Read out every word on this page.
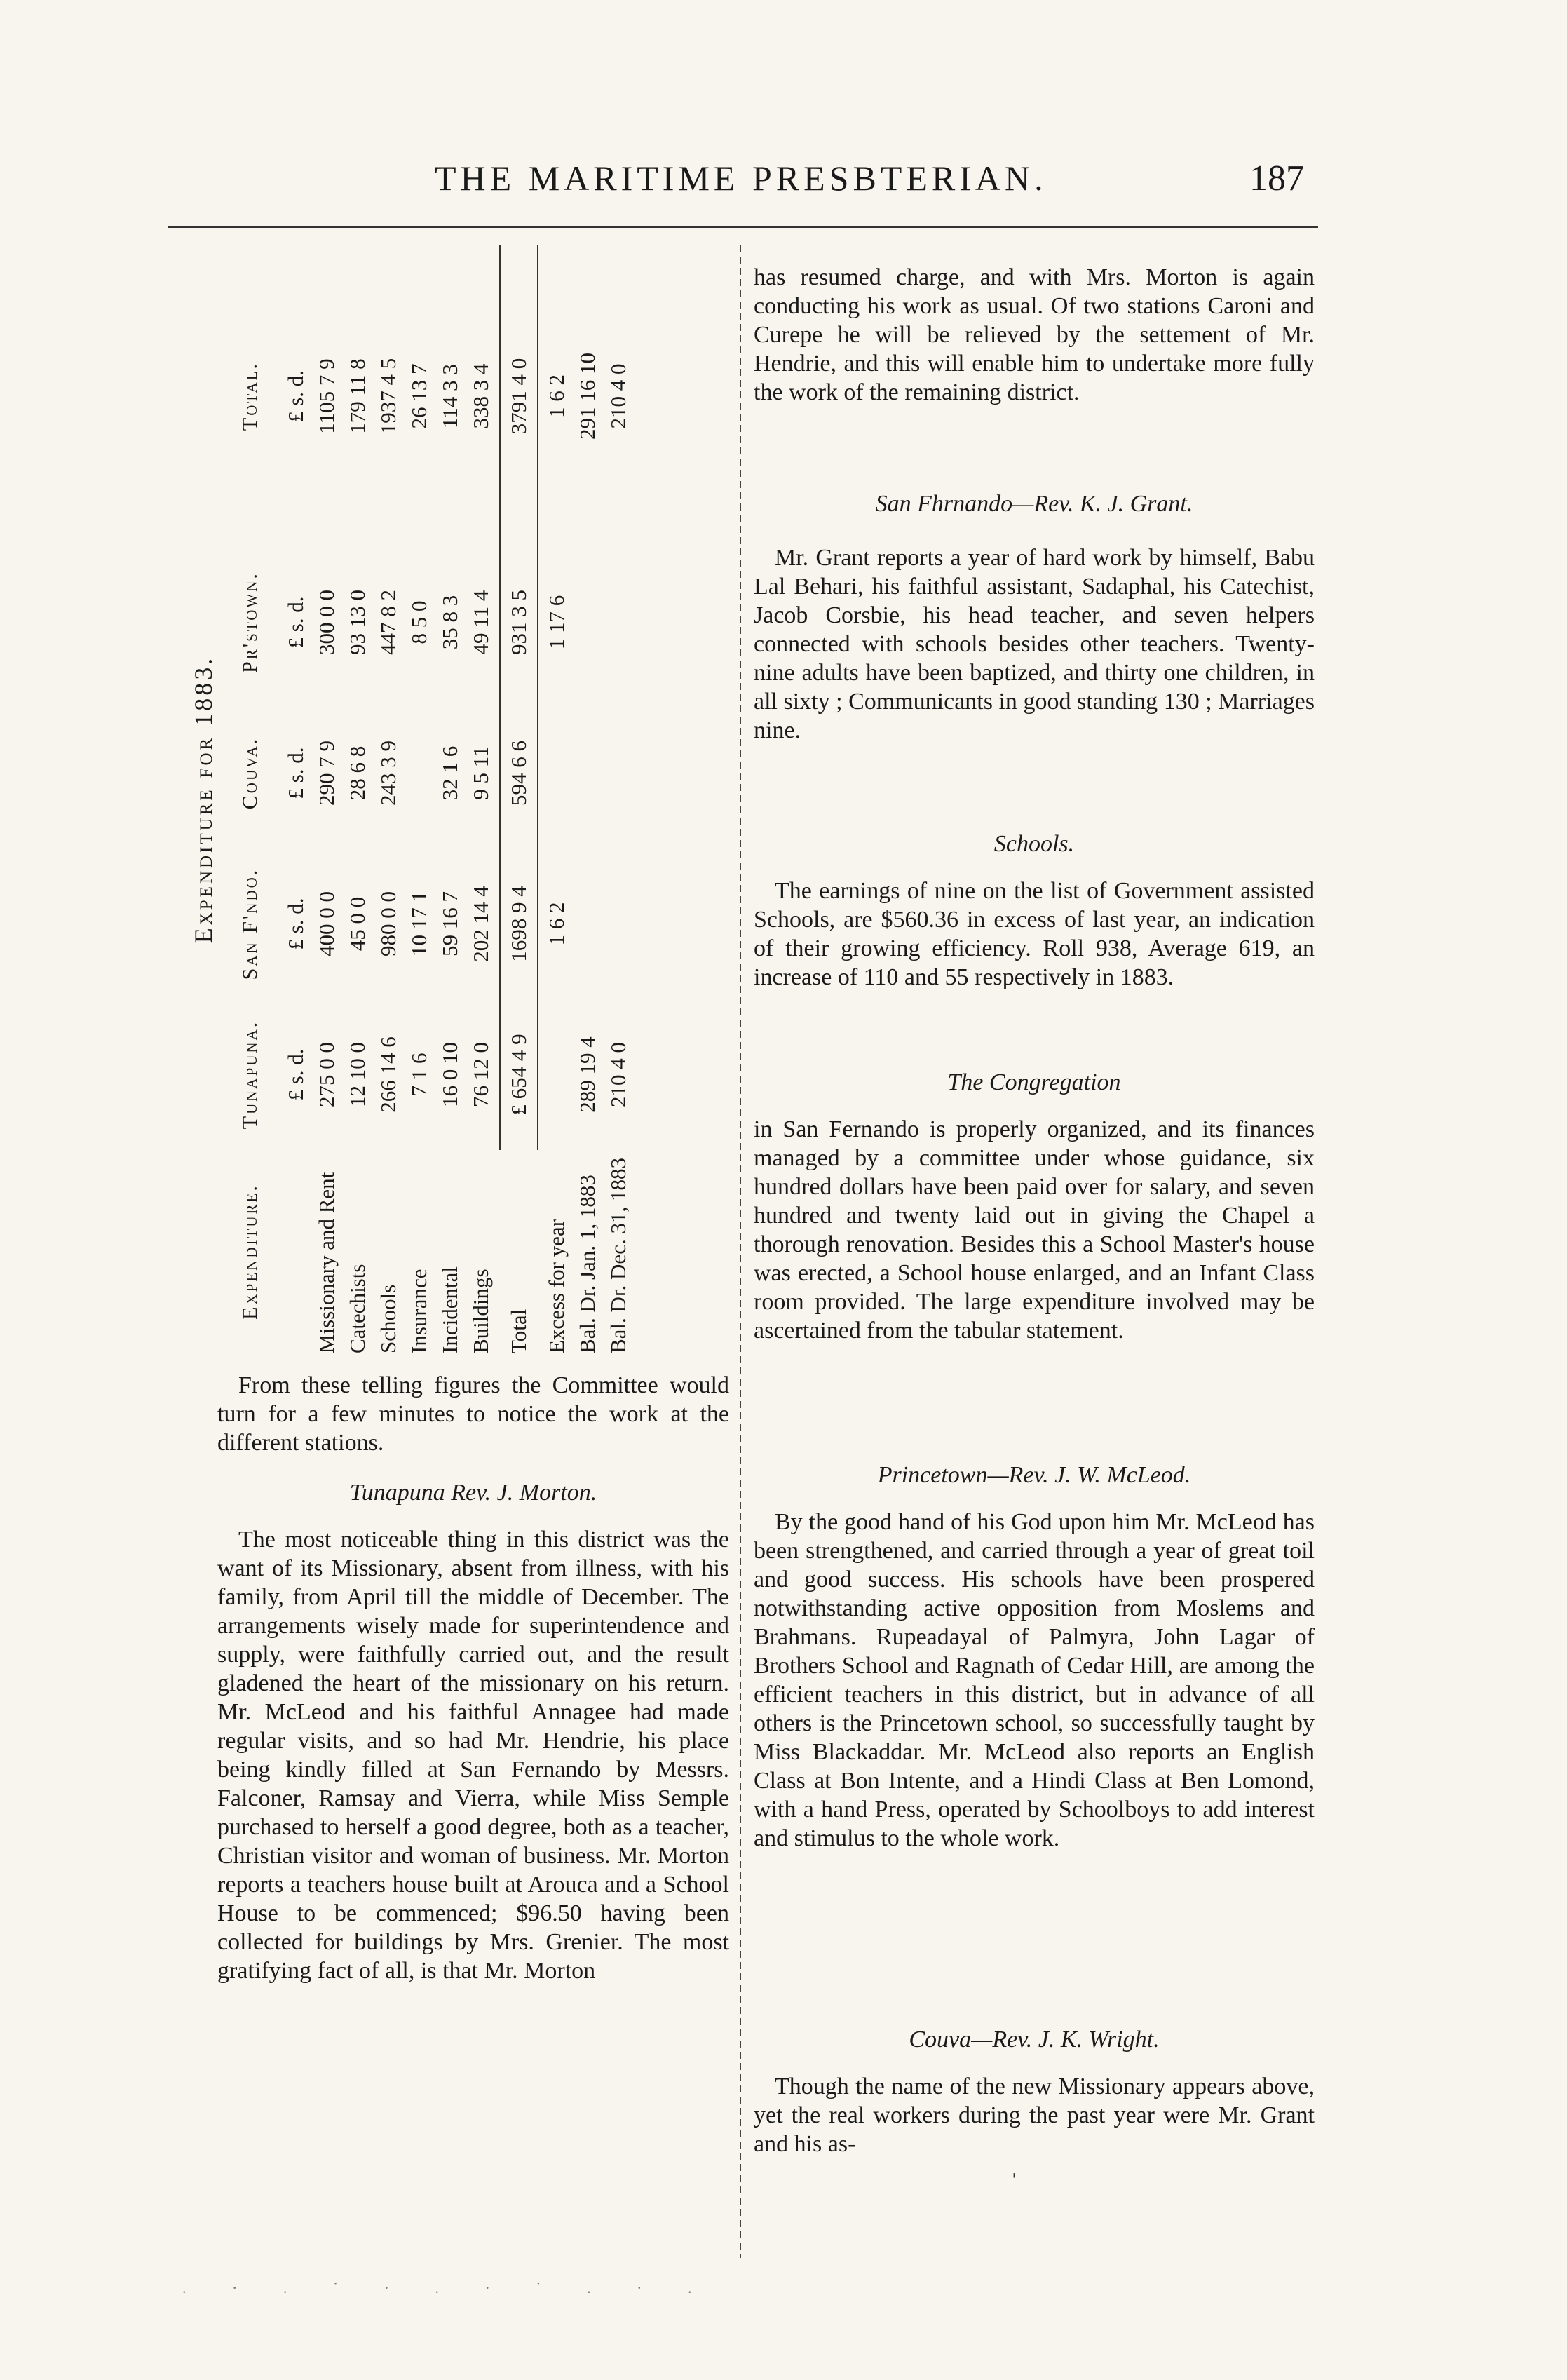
THE MARITIME PRESBTERIAN.	187
Expenditure for 1883.
Expenditure.
Tunapuna.
San F'ndo.
Couva.
Pr'stown.
Total.
£ s. d.
£ s. d.
£ s. d.
£ s. d.
£ s. d.
Missionary and Rent
275 0 0
400 0 0
290 7 9
300 0 0
1105 7 9
Catechists
12 10 0
45 0 0
28 6 8
93 13 0
179 11 8
Schools
266 14 6
980 0 0
243 3 9
447 8 2
1937 4 5
Insurance
7 1 6
10 17 1
8 5 0
26 13 7
Incidental
16 0 10
59 16 7
32 1 6
35 8 3
114 3 3
Buildings
76 12 0
202 14 4
9 5 11
49 11 4
338 3 4
Total
£ 654 4 9
1698 9 4
594 6 6
931 3 5
3791 4 0
Excess for year
1 6 2
1 17 6
1 6 2
Bal. Dr. Jan. 1, 1883
289 19 4
291 16 10
Bal. Dr. Dec. 31, 1883
210 4 0
210 4 0

From these telling figures the Committee would turn for a few minutes to notice the work at the different stations.

Tunapuna Rev. J. Morton.

The most noticeable thing in this district was the want of its Missionary, absent from illness, with his family, from April till the middle of December. The arrangements wisely made for superintendence and supply, were faithfully carried out, and the result gladened the heart of the missionary on his return. Mr. McLeod and his faithful Annagee had made regular visits, and so had Mr. Hendrie, his place being kindly filled at San Fernando by Messrs. Falconer, Ramsay and Vierra, while Miss Semple purchased to herself a good degree, both as a teacher, Christian visitor and woman of business. Mr. Morton reports a teachers house built at Arouca and a School House to be commenced; $96.50 having been collected for buildings by Mrs. Grenier. The most gratifying fact of all, is that Mr. Morton

has resumed charge, and with Mrs. Morton is again conducting his work as usual. Of two stations Caroni and Curepe he will be relieved by the settement of Mr. Hendrie, and this will enable him to undertake more fully the work of the remaining district.

San Fhrnando—Rev. K. J. Grant.

Mr. Grant reports a year of hard work by himself, Babu Lal Behari, his faithful assistant, Sadaphal, his Catechist, Jacob Corsbie, his head teacher, and seven helpers connected with schools besides other teachers. Twenty-nine adults have been baptized, and thirty one children, in all sixty ; Communicants in good standing 130 ; Marriages nine.

Schools.

The earnings of nine on the list of Government assisted Schools, are $560.36 in excess of last year, an indication of their growing efficiency. Roll 938, Average 619, an increase of 110 and 55 respectively in 1883.

The Congregation

in San Fernando is properly organized, and its finances managed by a committee under whose guidance, six hundred dollars have been paid over for salary, and seven hundred and twenty laid out in giving the Chapel a thorough renovation. Besides this a School Master's house was erected, a School house enlarged, and an Infant Class room provided. The large expenditure involved may be ascertained from the tabular statement.

Princetown—Rev. J. W. McLeod.

By the good hand of his God upon him Mr. McLeod has been strengthened, and carried through a year of great toil and good success. His schools have been prospered notwithstanding active opposition from Moslems and Brahmans. Rupeadayal of Palmyra, John Lagar of Brothers School and Ragnath of Cedar Hill, are among the efficient teachers in this district, but in advance of all others is the Princetown school, so successfully taught by Miss Blackaddar. Mr. McLeod also reports an English Class at Bon Intente, and a Hindi Class at Ben Lomond, with a hand Press, operated by Schoolboys to add interest and stimulus to the whole work.

Couva—Rev. J. K. Wright.

Though the name of the new Missionary appears above, yet the real workers during the past year were Mr. Grant and his as-

ˈ
. · . ˙ · . · ˙ . · .
